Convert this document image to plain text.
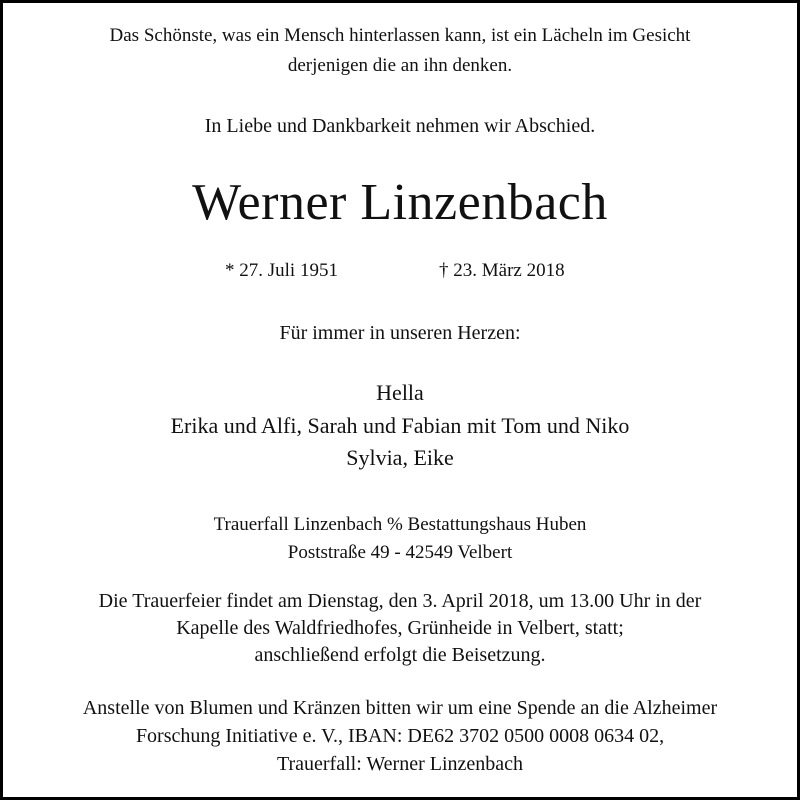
Das Schönste, was ein Mensch hinterlassen kann, ist ein Lächeln im Gesicht
derjenigen die an ihn denken.
In Liebe und Dankbarkeit nehmen wir Abschied.
Werner Linzenbach
* 27. Juli 1951	† 23. März 2018
Für immer in unseren Herzen:
Hella
Erika und Alfi, Sarah und Fabian mit Tom und Niko
Sylvia, Eike
Trauerfall Linzenbach % Bestattungshaus Huben
Poststraße 49 - 42549 Velbert
Die Trauerfeier findet am Dienstag, den 3. April 2018, um 13.00 Uhr in der
Kapelle des Waldfriedhofes, Grünheide in Velbert, statt;
anschließend erfolgt die Beisetzung.
Anstelle von Blumen und Kränzen bitten wir um eine Spende an die Alzheimer
Forschung Initiative e. V., IBAN: DE62 3702 0500 0008 0634 02,
Trauerfall: Werner Linzenbach
